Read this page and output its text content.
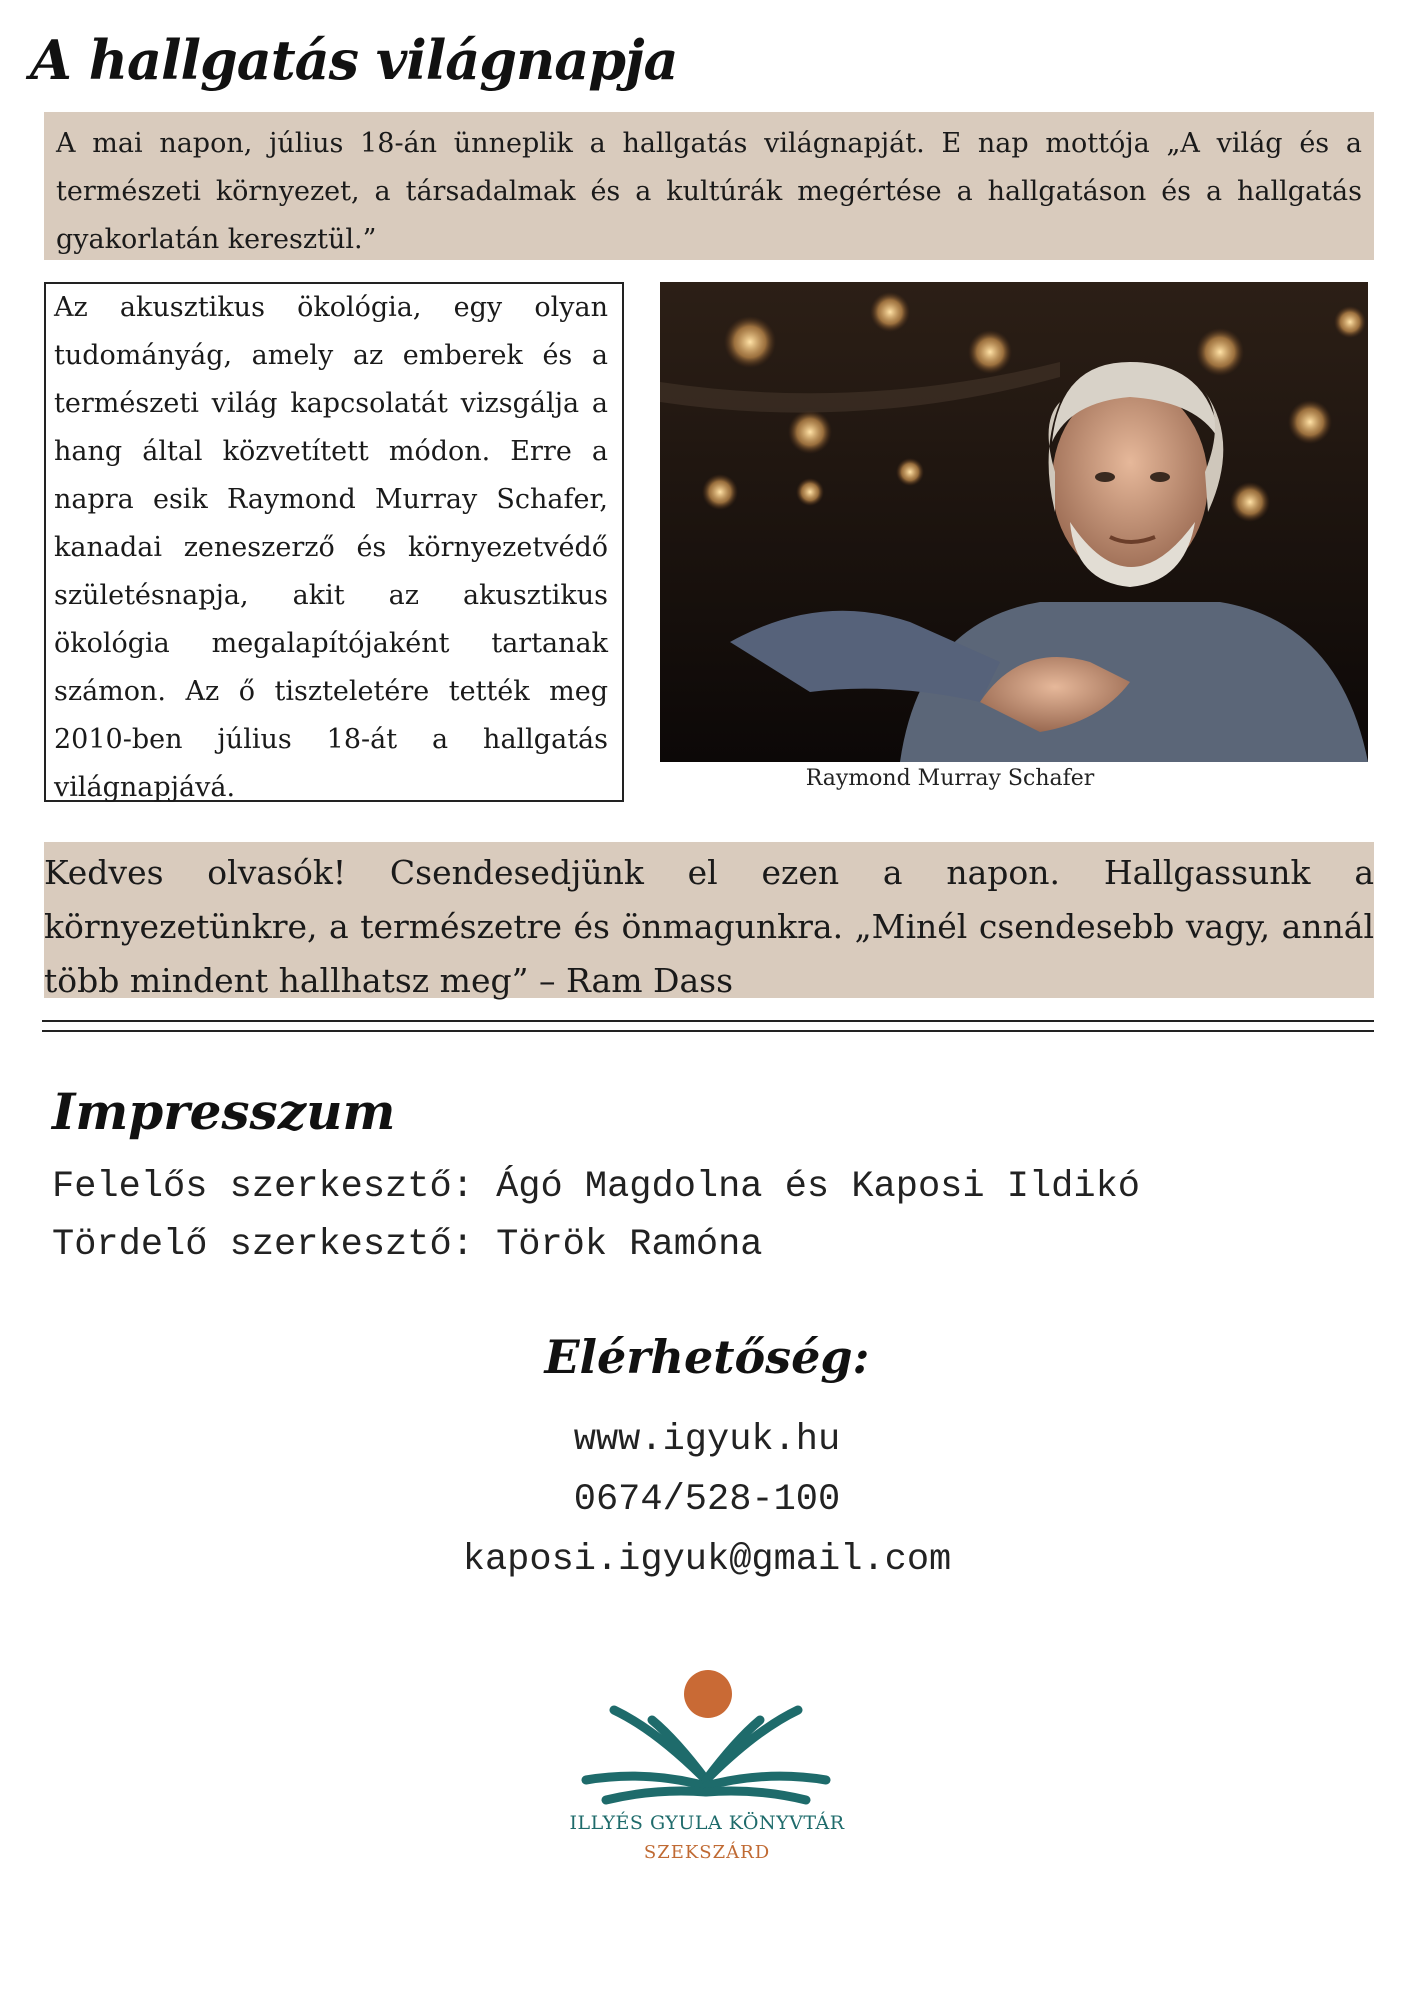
A hallgatás világnapja
A mai napon, július 18-án ünneplik a hallgatás világnapját. E nap mottója „A világ és a természeti környezet, a társadalmak és a kultúrák megértése a hallgatáson és a hallgatás gyakorlatán keresztül.”
Az akusztikus ökológia, egy olyan tudományág, amely az emberek és a természeti világ kapcsolatát vizsgálja a hang által közvetített módon. Erre a napra esik Raymond Murray Schafer, kanadai zeneszerző és környezetvédő születésnapja, akit az akusztikus ökológia megalapítójaként tartanak számon. Az ő tiszteletére tették meg 2010-ben július 18-át a hallgatás világnapjává.	Raymond Murray Schafer
Kedves olvasók! Csendesedjünk el ezen a napon. Hallgassunk a környezetünkre, a természetre és önmagunkra. „Minél csendesebb vagy, annál több mindent hallhatsz meg” – Ram Dass
Impresszum
Felelős szerkesztő: Ágó Magdolna és Kaposi Ildikó
Tördelő szerkesztő: Török Ramóna
Elérhetőség:
www.igyuk.hu
0674/528-100
kaposi.igyuk@gmail.com
ILLYÉS GYULA KÖNYVTÁR
SZEKSZÁRD
